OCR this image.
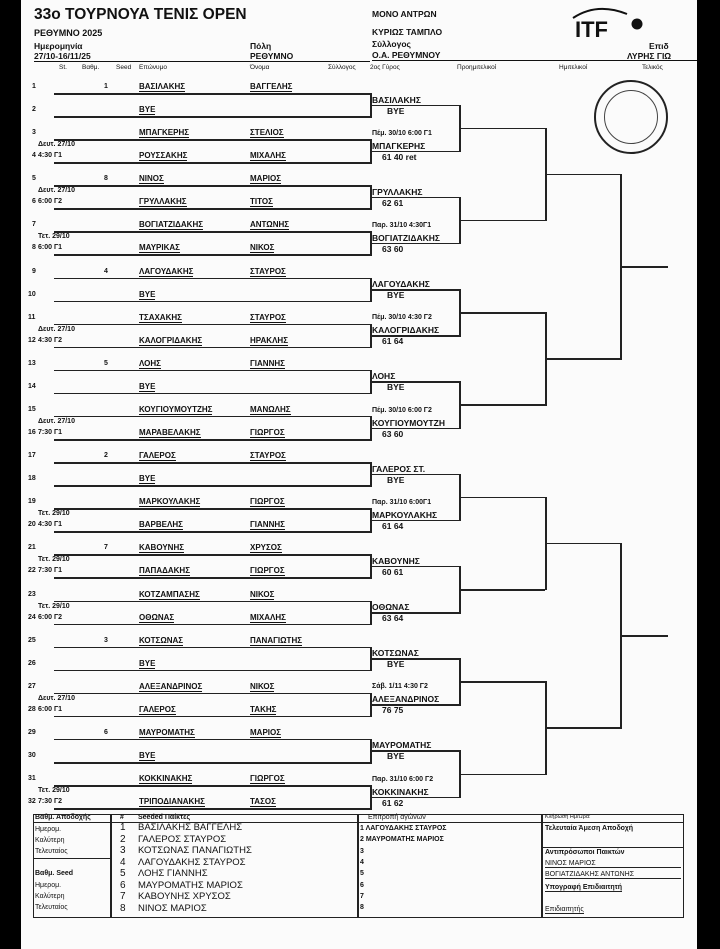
33ο ΤΟΥΡΝΟΥΑ ΤΕΝΙΣ OPEN
ΡΕΘΥΜΝΟ 2025
Ημερομηνία
27/10-16/11/25
Πόλη
ΡΕΘΥΜΝΟ
ΜΟΝΟ ΑΝΤΡΩΝ
ΚΥΡΙΩΣ ΤΑΜΠΛΟ
Σύλλογος
Ο.Α. ΡΕΘΥΜΝΟΥ
Επιδ
ΛΥΡΗΣ ΓΙΩ
ITF
St. Βαθμ.	Seed Επώνυμο	Όνομα	Σύλλογος 2ος Γύρος	Προημιτελικοί	Ημιτελικοί	Τελικός
1	1	ΒΑΣΙΛΑΚΗΣ	ΒΑΓΓΕΛΗΣ
2	BYE
3	ΜΠΑΓΚΕΡΗΣ	ΣΤΕΛΙΟΣ
Δευτ. 27/10
4	ΡΟΥΣΣΑΚΗΣ	ΜΙΧΑΛΗΣ
4:30 Γ1
5	8	ΝΙΝΟΣ	ΜΑΡΙΟΣ
Δευτ. 27/10
6	ΓΡΥΛΛΑΚΗΣ	ΤΙΤΟΣ
6:00 Γ2
7	ΒΟΓΙΑΤΖΙΔΑΚΗΣ	ΑΝΤΩΝΗΣ
Τετ. 29/10
8	ΜΑΥΡΙΚΑΣ	ΝΙΚΟΣ
6:00 Γ1
9	4	ΛΑΓΟΥΔΑΚΗΣ	ΣΤΑΥΡΟΣ
10	BYE
11	ΤΣΑΧΑΚΗΣ	ΣΤΑΥΡΟΣ
Δευτ. 27/10
12	ΚΑΛΟΓΡΙΔΑΚΗΣ	ΗΡΑΚΛΗΣ
4:30 Γ2
13	5	ΛΟΗΣ	ΓΙΑΝΝΗΣ
14	BYE
15	ΚΟΥΓΙΟΥΜΟΥΤΖΗΣ	ΜΑΝΩΛΗΣ
Δευτ. 27/10
16	ΜΑΡΑΒΕΛΑΚΗΣ	ΓΙΩΡΓΟΣ
7:30 Γ1
17	2	ΓΑΛΕΡΟΣ	ΣΤΑΥΡΟΣ
18	BYE
19	ΜΑΡΚΟΥΛΑΚΗΣ	ΓΙΩΡΓΟΣ
Τετ. 29/10
20	ΒΑΡΒΕΛΗΣ	ΓΙΑΝΝΗΣ
4:30 Γ1
21	7	ΚΑΒΟΥΝΗΣ	ΧΡΥΣΟΣ
Τετ. 29/10
22	ΠΑΠΑΔΑΚΗΣ	ΓΙΩΡΓΟΣ
7:30 Γ1
23	ΚΟΤΖΑΜΠΑΣΗΣ	ΝΙΚΟΣ
Τετ. 29/10
24	ΟΘΩΝΑΣ	ΜΙΧΑΛΗΣ
6:00 Γ2
25	3	ΚΟΤΣΩΝΑΣ	ΠΑΝΑΓΙΩΤΗΣ
26	BYE
27	ΑΛΕΞΑΝΔΡΙΝΟΣ	ΝΙΚΟΣ
Δευτ. 27/10
28	ΓΑΛΕΡΟΣ	ΤΑΚΗΣ
6:00 Γ1
29	6	ΜΑΥΡΟΜΑΤΗΣ	ΜΑΡΙΟΣ
30	BYE
31	ΚΟΚΚΙΝΑΚΗΣ	ΓΙΩΡΓΟΣ
Τετ. 29/10
32	ΤΡΙΠΟΔΙΑΝΑΚΗΣ	ΤΑΣΟΣ
7:30 Γ2
ΒΑΣΙΛΑΚΗΣ
BYE
ΜΠΑΓΚΕΡΗΣ
61 40 ret
Πέμ. 30/10 6:00 Γ1
ΓΡΥΛΛΑΚΗΣ
62 61
ΒΟΓΙΑΤΖΙΔΑΚΗΣ
63 60
Παρ. 31/10 4:30Γ1
ΛΑΓΟΥΔΑΚΗΣ
BYE
ΚΑΛΟΓΡΙΔΑΚΗΣ
61 64
Πέμ. 30/10 4:30 Γ2
ΛΟΗΣ
BYE
ΚΟΥΓΙΟΥΜΟΥΤΖΗ
63 60
Πέμ. 30/10 6:00 Γ2
ΓΑΛΕΡΟΣ ΣΤ.
BYE
ΜΑΡΚΟΥΛΑΚΗΣ
61 64
Παρ. 31/10 6:00Γ1
ΚΑΒΟΥΝΗΣ
60 61
ΟΘΩΝΑΣ
63 64
ΚΟΤΣΩΝΑΣ
BYE
ΑΛΕΞΑΝΔΡΙΝΟΣ
76 75
Σάβ. 1/11 4:30 Γ2
ΜΑΥΡΟΜΑΤΗΣ
BYE
ΚΟΚΚΙΝΑΚΗΣ
61 62
Παρ. 31/10 6:00 Γ2
Βαθμ. Αποδοχής
Ημερομ.
Καλύτερη
Τελευταίος
Βαθμ. Seed
Ημερομ.
Καλύτερη
Τελευταίος
# Seeded Παίκτες
1 ΒΑΣΙΛΑΚΗΣ ΒΑΓΓΕΛΗΣ
2 ΓΑΛΕΡΟΣ ΣΤΑΥΡΟΣ
3 ΚΟΤΣΩΝΑΣ ΠΑΝΑΓΙΩΤΗΣ
4 ΛΑΓΟΥΔΑΚΗΣ ΣΤΑΥΡΟΣ
5 ΛΟΗΣ ΓΙΑΝΝΗΣ
6 ΜΑΥΡΟΜΑΤΗΣ ΜΑΡΙΟΣ
7 ΚΑΒΟΥΝΗΣ ΧΡΥΣΟΣ
8 ΝΙΝΟΣ ΜΑΡΙΟΣ
Επιτροπή αγώνων
1 ΛΑΓΟΥΔΑΚΗΣ ΣΤΑΥΡΟΣ
2 ΜΑΥΡΟΜΑΤΗΣ ΜΑΡΙΟΣ
3
4
5
6
7
8
Κλήρωση Ημ/Ώρα:
Τελευταία Άμεση Αποδοχή
Αντιπρόσωποι Παικτών
ΝΙΝΟΣ ΜΑΡΙΟΣ
ΒΟΓΙΑΤΖΙΔΑΚΗΣ ΑΝΤΩΝΗΣ
Υπογραφή Επιδιαιτητή
Επιδιαιτητής
